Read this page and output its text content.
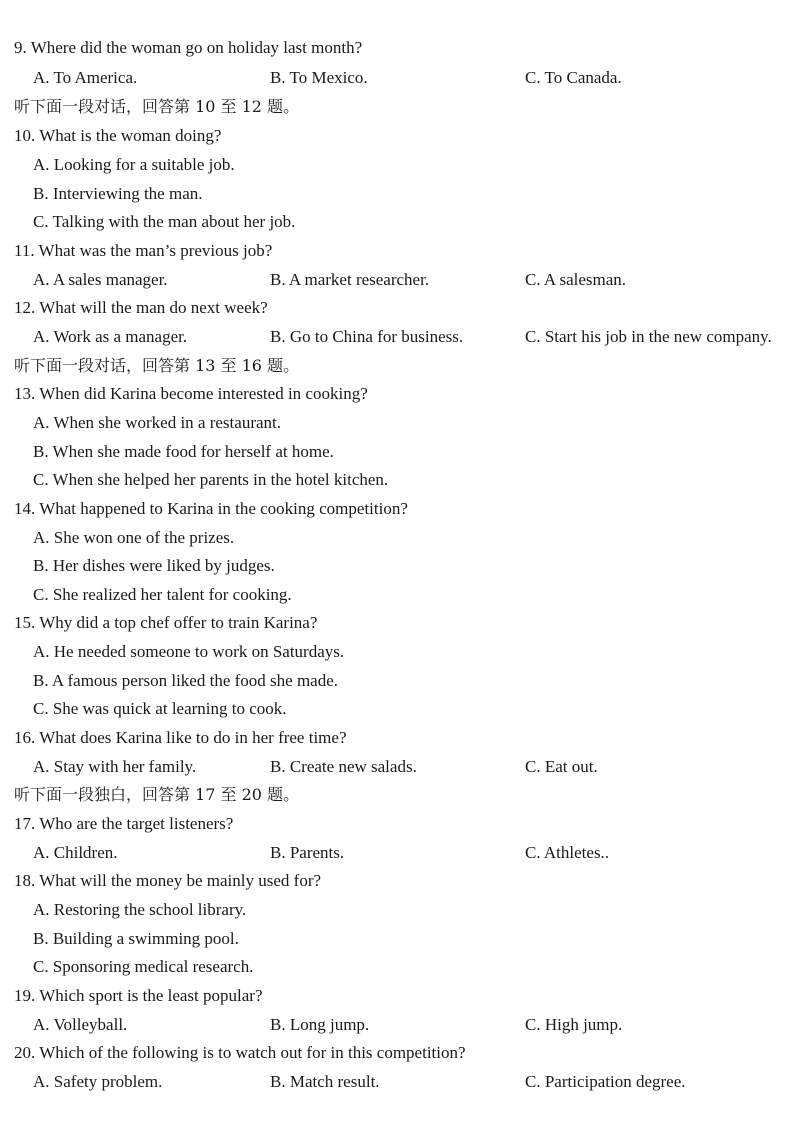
9. Where did the woman go on holiday last month?
A. To America.	B. To Mexico.	C. To Canada.
听下面一段对话，回答第 10 至 12 题。
10. What is the woman doing?
A. Looking for a suitable job.
B. Interviewing the man.
C. Talking with the man about her job.
11. What was the man’s previous job?
A. A sales manager.	B. A market researcher.	C. A salesman.
12. What will the man do next week?
A. Work as a manager.	B. Go to China for business.	C. Start his job in the new company.
听下面一段对话，回答第 13 至 16 题。
13. When did Karina become interested in cooking?
A. When she worked in a restaurant.
B. When she made food for herself at home.
C. When she helped her parents in the hotel kitchen.
14. What happened to Karina in the cooking competition?
A. She won one of the prizes.
B. Her dishes were liked by judges.
C. She realized her talent for cooking.
15. Why did a top chef offer to train Karina?
A. He needed someone to work on Saturdays.
B. A famous person liked the food she made.
C. She was quick at learning to cook.
16. What does Karina like to do in her free time?
A. Stay with her family.	B. Create new salads.	C. Eat out.
听下面一段独白，回答第 17 至 20 题。
17. Who are the target listeners?
A. Children.	B. Parents.	C. Athletes..
18. What will the money be mainly used for?
A. Restoring the school library.
B. Building a swimming pool.
C. Sponsoring medical research.
19. Which sport is the least popular?
A. Volleyball.	B. Long jump.	C. High jump.
20. Which of the following is to watch out for in this competition?
A. Safety problem.	B. Match result.	C. Participation degree.
